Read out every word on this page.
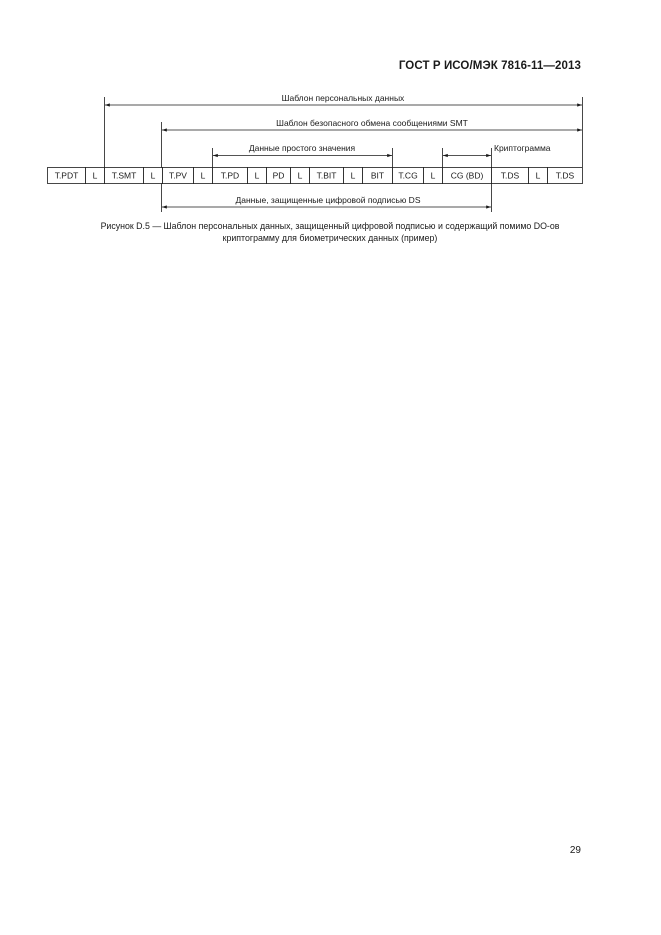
ГОСТ Р ИСО/МЭК 7816-11—2013
Шаблон персональных данных
Шаблон безопасного обмена сообщениями SMT
Данные простого значения	Криптограмма
Данные, защищенные цифровой подписью DS
T.PDT L T.SMT L T.PV L T.PD L PD L T.BIT L BIT T.CG L CG (BD) T.DS L T.DS
Рисунок D.5 — Шаблон персональных данных, защищенный цифровой подписью и содержащий помимо DO-ов
криптограмму для биометрических данных (пример)
29
